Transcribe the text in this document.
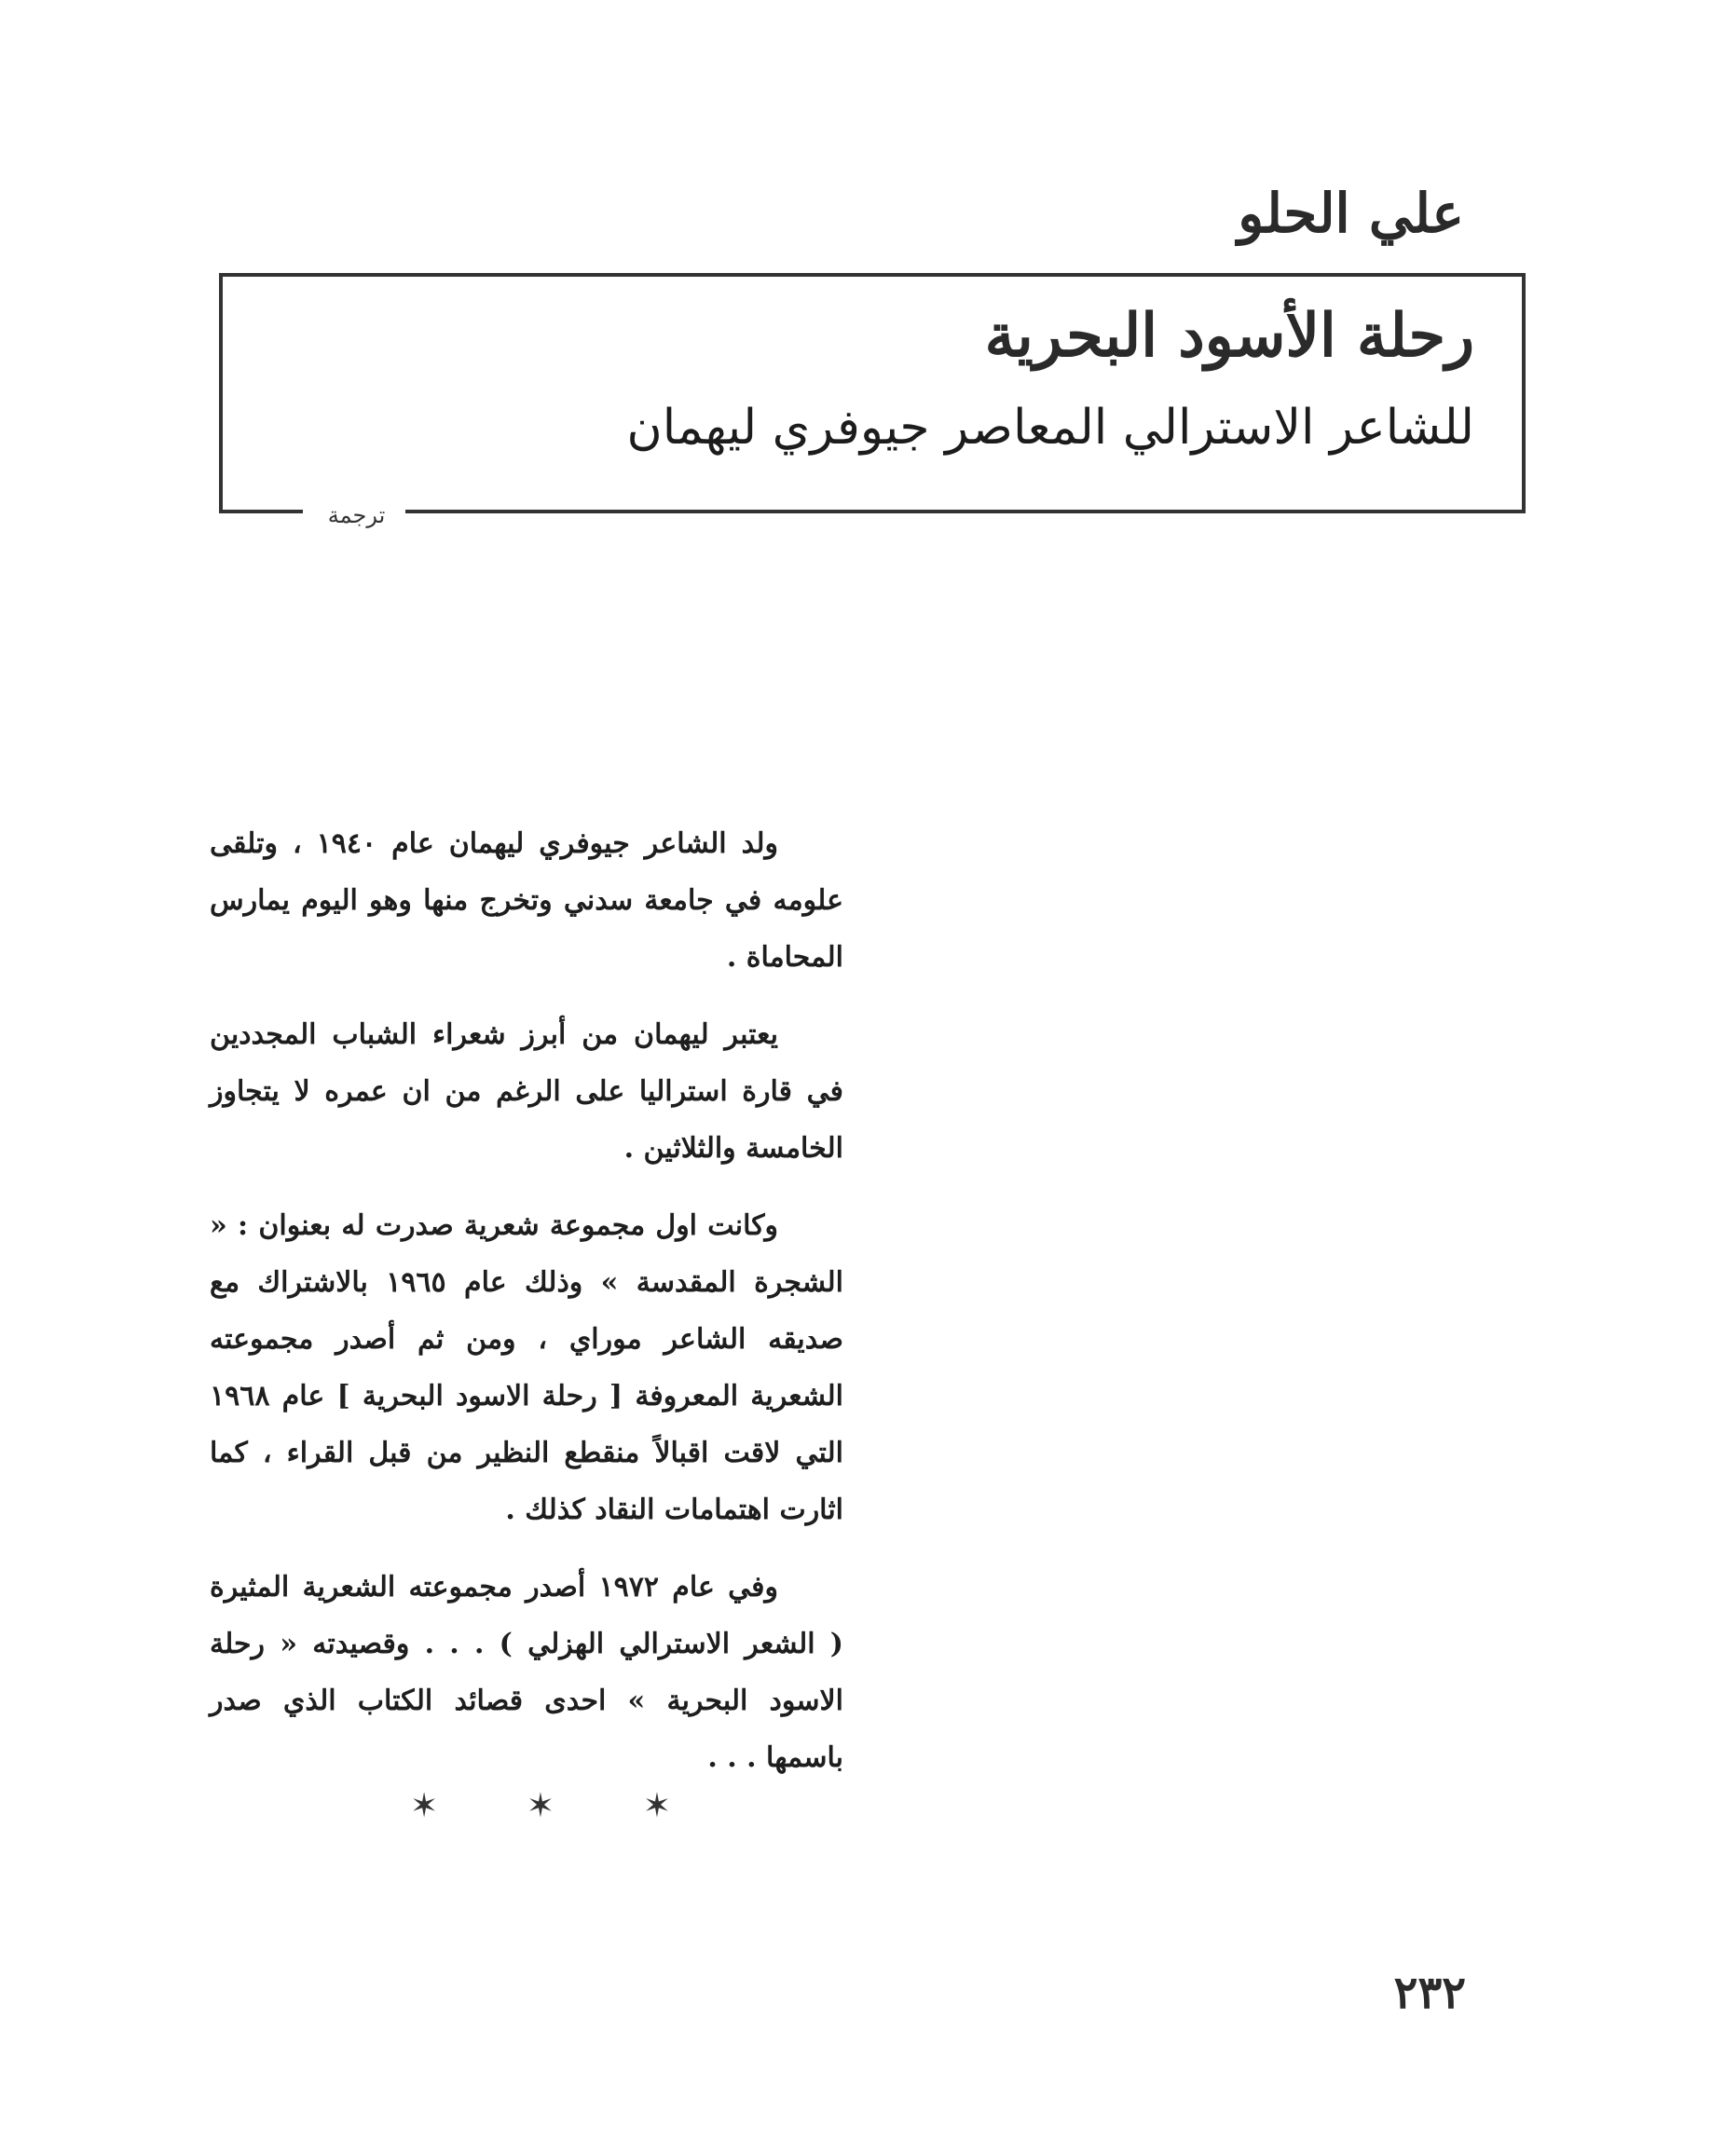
علي الحلو
ترجمة
رحلة الأسود البحرية
للشاعر الاسترالي المعاصر جيوفري ليهمان

ولد الشاعر جيوفري ليهمان عام ١٩٤٠ ، وتلقى علومه في جامعة سدني وتخرج منها وهو اليوم يمارس المحاماة .

يعتبر ليهمان من أبرز شعراء الشباب المجددين في قارة استراليا على الرغم من ان عمره لا يتجاوز الخامسة والثلاثين .

وكانت اول مجموعة شعرية صدرت له بعنوان : « الشجرة المقدسة » وذلك عام ١٩٦٥ بالاشتراك مع صديقه الشاعر موراي ، ومن ثم أصدر مجموعته الشعرية المعروفة [ رحلة الاسود البحرية ] عام ١٩٦٨ التي لاقت اقبالاً منقطع النظير من قبل القراء ، كما اثارت اهتمامات النقاد كذلك .

وفي عام ١٩٧٢ أصدر مجموعته الشعرية المثيرة ( الشعر الاسترالي الهزلي ) . . . وقصيدته « رحلة الاسود البحرية » احدى قصائد الكتاب الذي صدر باسمها . . .

✶	✶	✶
٢٣٢
